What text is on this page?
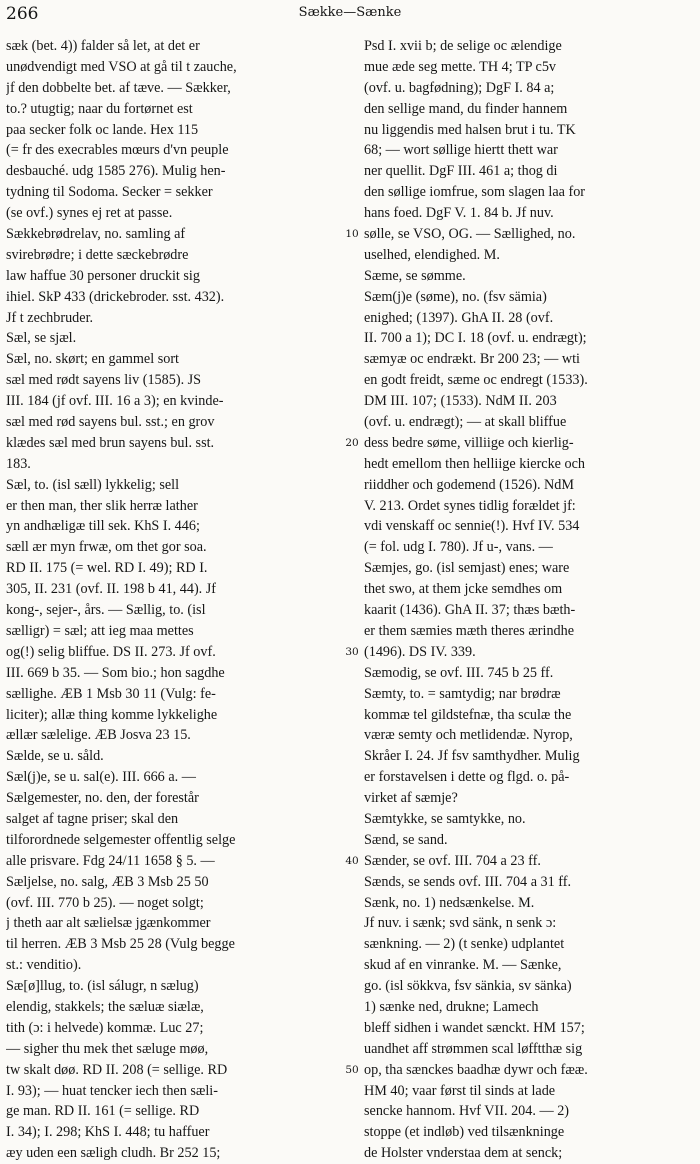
266	Sække—Sænke
sæk (bet. 4)) falder så let, at det er
unødvendigt med VSO at gå til t zauche,
jf den dobbelte bet. af tæve. — Sækker,
to.? utugtig; naar du fortørnet est
paa secker folk oc lande. Hex 115
(= fr des execrables mœurs d'vn peuple
desbauché. udg 1585 276). Mulig hen-
tydning til Sodoma. Secker = sekker
(se ovf.) synes ej ret at passe.
Sækkebrødrelav, no. samling af
svirebrødre; i dette sæckebrødre
law haffue 30 personer druckit sig
ihiel. SkP 433 (drickebroder. sst. 432).
Jf t zechbruder.
Sæl, se sjæl.
Sæl, no. skørt; en gammel sort
sæl med rødt sayens liv (1585). JS
III. 184 (jf ovf. III. 16 a 3); en kvinde-
sæl med rød sayens bul. sst.; en grov
klædes sæl med brun sayens bul. sst.
183.
Sæl, to. (isl sæll) lykkelig; sell
er then man, ther slik herræ lather
yn andhæligæ till sek. KhS I. 446;
sæll ær myn frwæ, om thet gor soa.
RD II. 175 (= wel. RD I. 49); RD I.
305, II. 231 (ovf. II. 198 b 41, 44). Jf
kong-, sejer-, års. — Sællig, to. (isl
sælligr) = sæl; att ieg maa mettes
og(!) selig bliffue. DS II. 273. Jf ovf.
III. 669 b 35. — Som bio.; hon sagdhe
sællighe. ÆB 1 Msb 30 11 (Vulg: fe-
liciter); allæ thing komme lykkelighe
ællær sælelige. ÆB Josva 23 15.
Sælde, se u. såld.
Sæl(j)e, se u. sal(e). III. 666 a. —
Sælgemester, no. den, der forestår
salget af tagne priser; skal den
tilforordnede selgemester offentlig selge
alle prisvare. Fdg 24/11 1658 § 5. —
Sæljelse, no. salg, ÆB 3 Msb 25 50
(ovf. III. 770 b 25). — noget solgt;
j theth aar alt sælielsæ jgænkommer
til herren. ÆB 3 Msb 25 28 (Vulg begge
st.: venditio).
Sæ[ø]llug, to. (isl sálugr, n sælug)
elendig, stakkels; the sæluæ siælæ,
tith (ɔ: i helvede) kommæ. Luc 27;
— sigher thu mek thet sæluge møø,
tw skalt døø. RD II. 208 (= sellige. RD
I. 93); — huat tencker iech then sæli-
ge man. RD II. 161 (= sellige. RD
I. 34); I. 298; KhS I. 448; tu haffuer
æy uden een sæligh cludh. Br 252 15;
10
20
30
40
50
Psd I. xvii b; de selige oc ælendige
mue æde seg mette. TH 4; TP c5v
(ovf. u. bagfødning); DgF I. 84 a;
den sellige mand, du finder hannem
nu liggendis med halsen brut i tu. TK
68; — wort søllige hiertt thett war
ner quellit. DgF III. 461 a; thog di
den søllige iomfrue, som slagen laa for
hans foed. DgF V. 1. 84 b. Jf nuv.
sølle, se VSO, OG. — Sællighed, no.
uselhed, elendighed. M.
Sæme, se sømme.
Sæm(j)e (søme), no. (fsv sämia)
enighed; (1397). GhA II. 28 (ovf.
II. 700 a 1); DC I. 18 (ovf. u. endrægt);
sæmyæ oc endrækt. Br 200 23; — wti
en godt freidt, sæme oc endregt (1533).
DM III. 107; (1533). NdM II. 203
(ovf. u. endrægt); — at skall bliffue
dess bedre søme, villiige och kierlig-
hedt emellom then helliige kiercke och
riiddher och godemend (1526). NdM
V. 213. Ordet synes tidlig forældet jf:
vdi venskaff oc sennie(!). Hvf IV. 534
(= fol. udg I. 780). Jf u-, vans. —
Sæmjes, go. (isl semjast) enes; ware
thet swo, at them jcke semdhes om
kaarit (1436). GhA II. 37; thæs bæth-
er them sæmies mæth theres ærindhe
(1496). DS IV. 339.
Sæmodig, se ovf. III. 745 b 25 ff.
Sæmty, to. = samtydig; nar brødræ
kommæ tel gildstefnæ, tha sculæ the
væræ semty och metlidendæ. Nyrop,
Skråer I. 24. Jf fsv samthydher. Mulig
er forstavelsen i dette og flgd. o. på-
virket af sæmje?
Sæmtykke, se samtykke, no.
Sænd, se sand.
Sænder, se ovf. III. 704 a 23 ff.
Sænds, se sends ovf. III. 704 a 31 ff.
Sænk, no. 1) nedsænkelse. M.
Jf nuv. i sænk; svd sänk, n senk ɔ:
sænkning. — 2) (t senke) udplantet
skud af en vinranke. M. — Sænke,
go. (isl sökkva, fsv sänkia, sv sänka)
1) sænke ned, drukne; Lamech
bleff sidhen i wandet sænckt. HM 157;
uandhet aff strømmen scal løfftthæ sig
op, tha sænckes baadhæ dywr och fææ.
HM 40; vaar først til sinds at lade
sencke hannom. Hvf VII. 204. — 2)
stoppe (et indløb) ved tilsænkninge
de Holster vnderstaa dem at senck;
